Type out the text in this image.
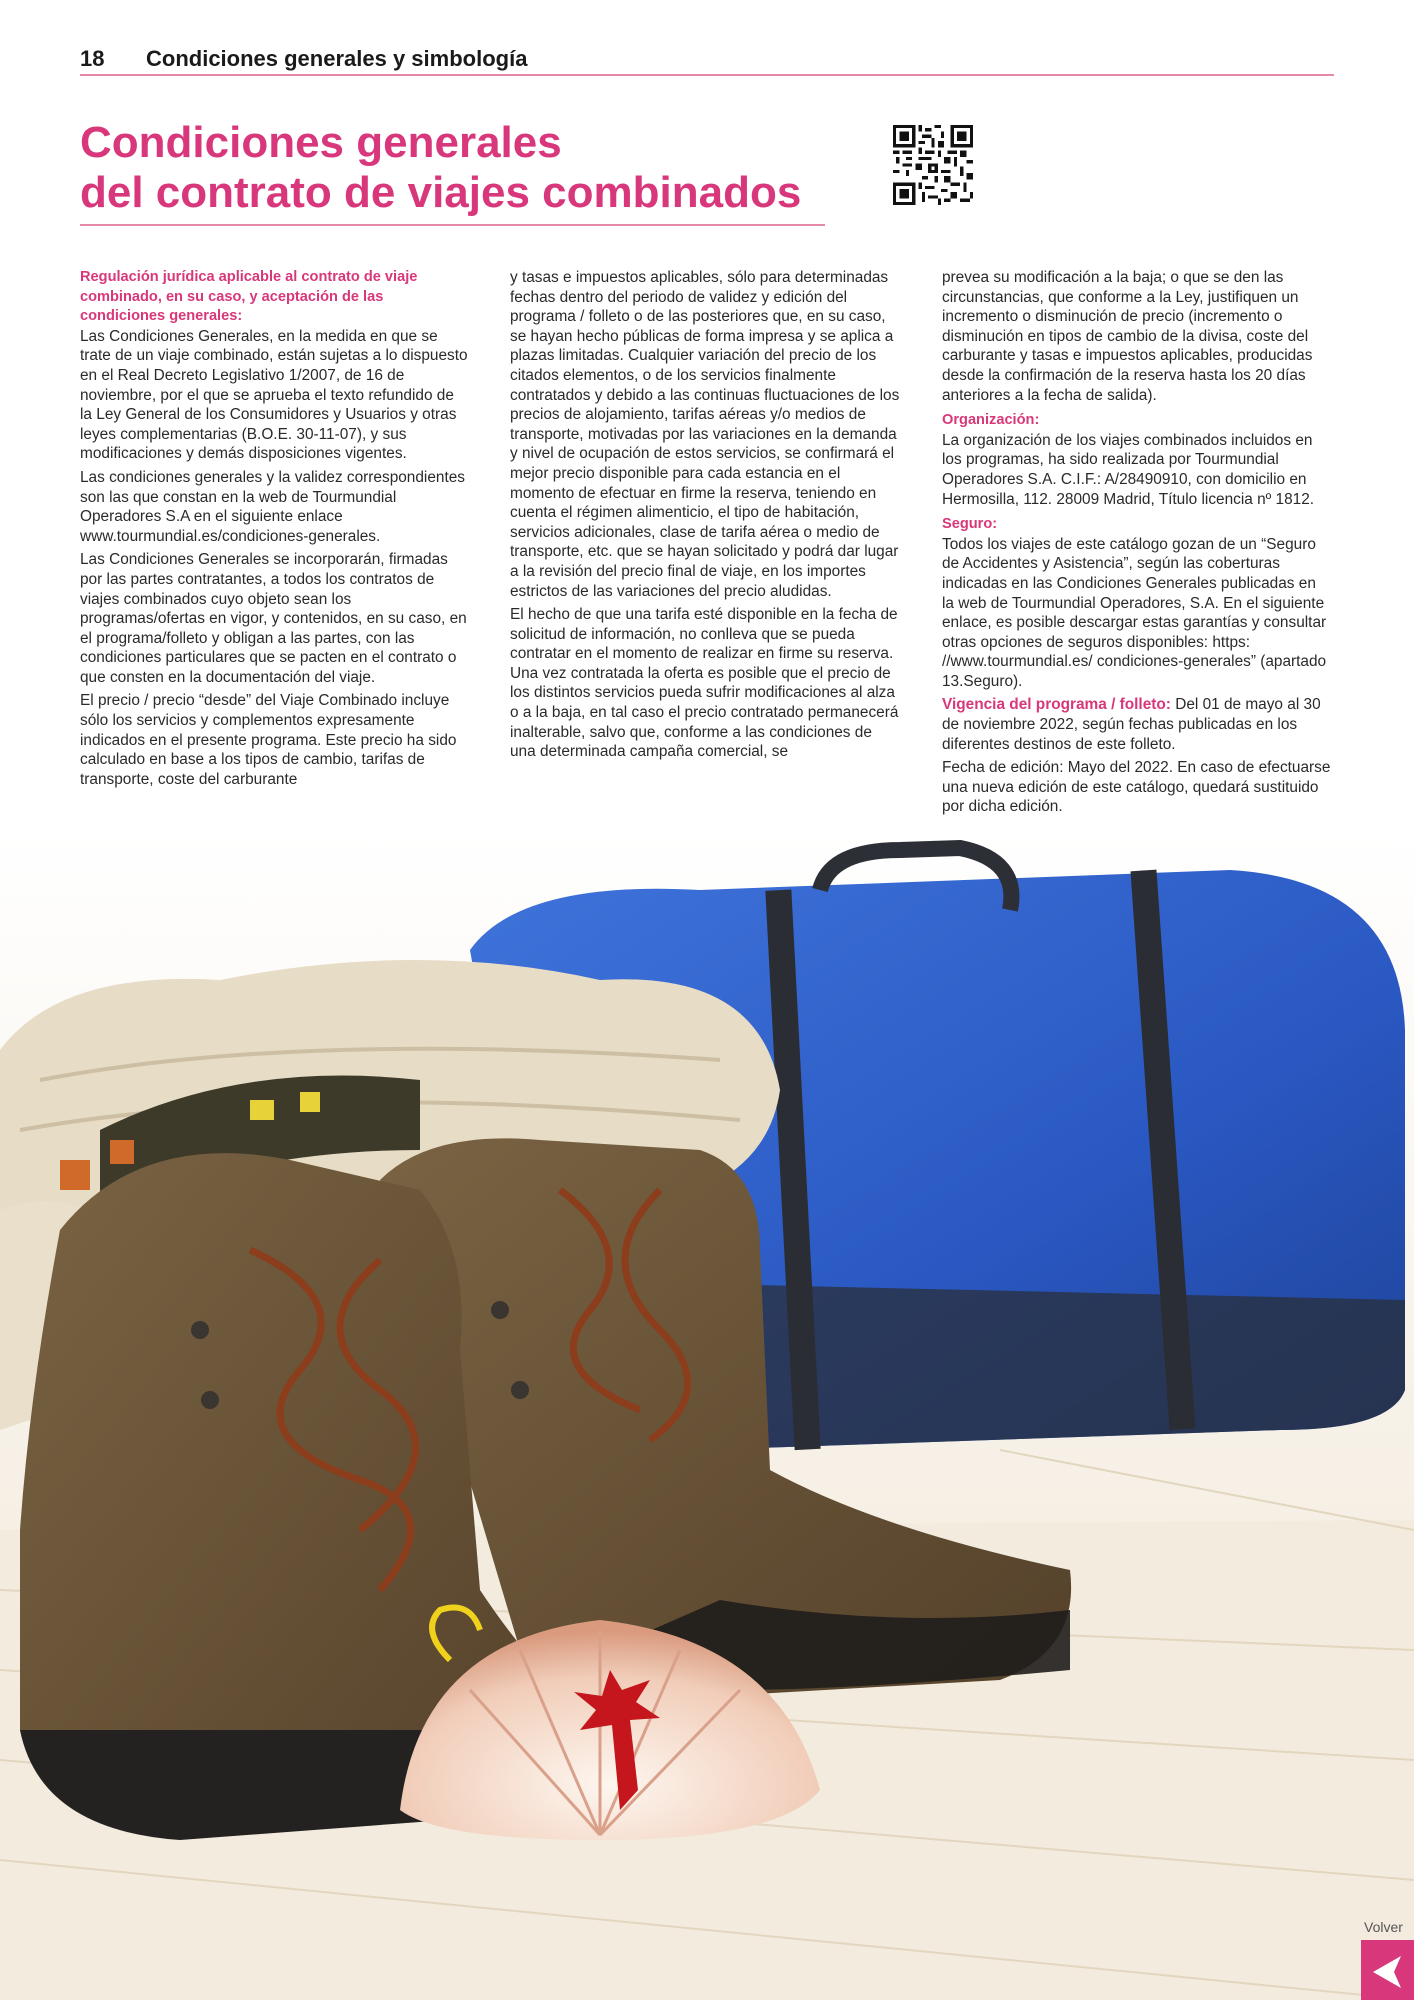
18 Condiciones generales y simbología
Condiciones generales
del contrato de viajes combinados

Regulación jurídica aplicable al contrato de viaje combinado, en su caso, y aceptación de las condiciones generales:

Las Condiciones Generales, en la medida en que se trate de un viaje combinado, están sujetas a lo dispuesto en el Real Decreto Legislativo 1/2007, de 16 de noviembre, por el que se aprueba el texto refundido de la Ley General de los Consumidores y Usuarios y otras leyes complementarias (B.O.E. 30-11-07), y sus modificaciones y demás disposiciones vigentes.

Las condiciones generales y la validez correspondientes son las que constan en la web de Tourmundial Operadores S.A en el siguiente enlace www.tourmundial.es/condiciones-generales.

Las Condiciones Generales se incorporarán, firmadas por las partes contratantes, a todos los contratos de viajes combinados cuyo objeto sean los programas/ofertas en vigor, y contenidos, en su caso, en el programa/folleto y obligan a las partes, con las condiciones particulares que se pacten en el contrato o que consten en la documentación del viaje.

El precio / precio “desde” del Viaje Combinado incluye sólo los servicios y complementos expresamente indicados en el presente programa. Este precio ha sido calculado en base a los tipos de cambio, tarifas de transporte, coste del carburante

y tasas e impuestos aplicables, sólo para determinadas fechas dentro del periodo de validez y edición del programa / folleto o de las posteriores que, en su caso, se hayan hecho públicas de forma impresa y se aplica a plazas limitadas. Cualquier variación del precio de los citados elementos, o de los servicios finalmente contratados y debido a las continuas fluctuaciones de los precios de alojamiento, tarifas aéreas y/o medios de transporte, motivadas por las variaciones en la demanda y nivel de ocupación de estos servicios, se confirmará el mejor precio disponible para cada estancia en el momento de efectuar en firme la reserva, teniendo en cuenta el régimen alimenticio, el tipo de habitación, servicios adicionales, clase de tarifa aérea o medio de transporte, etc. que se hayan solicitado y podrá dar lugar a la revisión del precio final de viaje, en los importes estrictos de las variaciones del precio aludidas.

El hecho de que una tarifa esté disponible en la fecha de solicitud de información, no conlleva que se pueda contratar en el momento de realizar en firme su reserva. Una vez contratada la oferta es posible que el precio de los distintos servicios pueda sufrir modificaciones al alza o a la baja, en tal caso el precio contratado permanecerá inalterable, salvo que, conforme a las condiciones de una determinada campaña comercial, se

prevea su modificación a la baja; o que se den las circunstancias, que conforme a la Ley, justifiquen un incremento o disminución de precio (incremento o disminución en tipos de cambio de la divisa, coste del carburante y tasas e impuestos aplicables, producidas desde la confirmación de la reserva hasta los 20 días anteriores a la fecha de salida).

Organización:

La organización de los viajes combinados incluidos en los programas, ha sido realizada por Tourmundial Operadores S.A. C.I.F.: A/28490910, con domicilio en Hermosilla, 112. 28009 Madrid, Título licencia nº 1812.

Seguro:

Todos los viajes de este catálogo gozan de un “Seguro de Accidentes y Asistencia”, según las coberturas indicadas en las Condiciones Generales publicadas en la web de Tourmundial Operadores, S.A. En el siguiente enlace, es posible descargar estas garantías y consultar otras opciones de seguros disponibles: https: //www.tourmundial.es/ condiciones-generales” (apartado 13.Seguro).

Vigencia del programa / folleto: Del 01 de mayo al 30 de noviembre 2022, según fechas publicadas en los diferentes destinos de este folleto.

Fecha de edición: Mayo del 2022. En caso de efectuarse una nueva edición de este catálogo, quedará sustituido por dicha edición.

Volver
